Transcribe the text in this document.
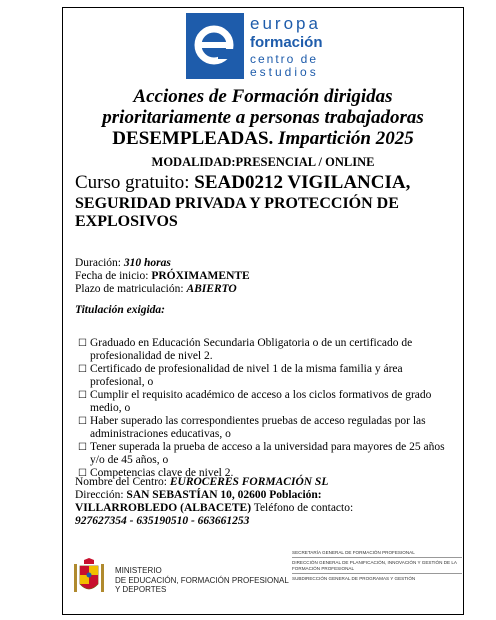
europa
formación
centro de
estudios
Acciones de Formación dirigidas
prioritariamente a personas trabajadoras
DESEMPLEADAS. Impartición 2025
MODALIDAD:PRESENCIAL / ONLINE
Curso gratuito: SEAD0212 VIGILANCIA,
SEGURIDAD PRIVADA Y PROTECCIÓN DE EXPLOSIVOS
Duración: 310 horas
Fecha de inicio: PRÓXIMAMENTE
Plazo de matriculación: ABIERTO
Titulación exigida:
☐ Graduado en Educación Secundaria Obligatoria o de un certificado de profesionalidad de nivel 2.
☐ Certificado de profesionalidad de nivel 1 de la misma familia y área profesional, o
☐ Cumplir el requisito académico de acceso a los ciclos formativos de grado medio, o
☐ Haber superado las correspondientes pruebas de acceso reguladas por las administraciones educativas, o
☐ Tener superada la prueba de acceso a la universidad para mayores de 25 años y/o de 45 años, o
☐ Competencias clave de nivel 2.
Nombre del Centro: EUROCERES FORMACIÓN SL
Dirección: SAN SEBASTÍAN 10, 02600 Población:
VILLARROBLEDO (ALBACETE) Teléfono de contacto:
927627354 - 635190510 - 663661253
MINISTERIO
DE EDUCACIÓN, FORMACIÓN PROFESIONAL
Y DEPORTES
SECRETARÍA GENERAL DE FORMACIÓN PROFESIONAL
DIRECCIÓN GENERAL DE PLANIFICACIÓN, INNOVACIÓN Y GESTIÓN DE LA FORMACIÓN PROFESIONAL
SUBDIRECCIÓN GENERAL DE PROGRAMAS Y GESTIÓN
